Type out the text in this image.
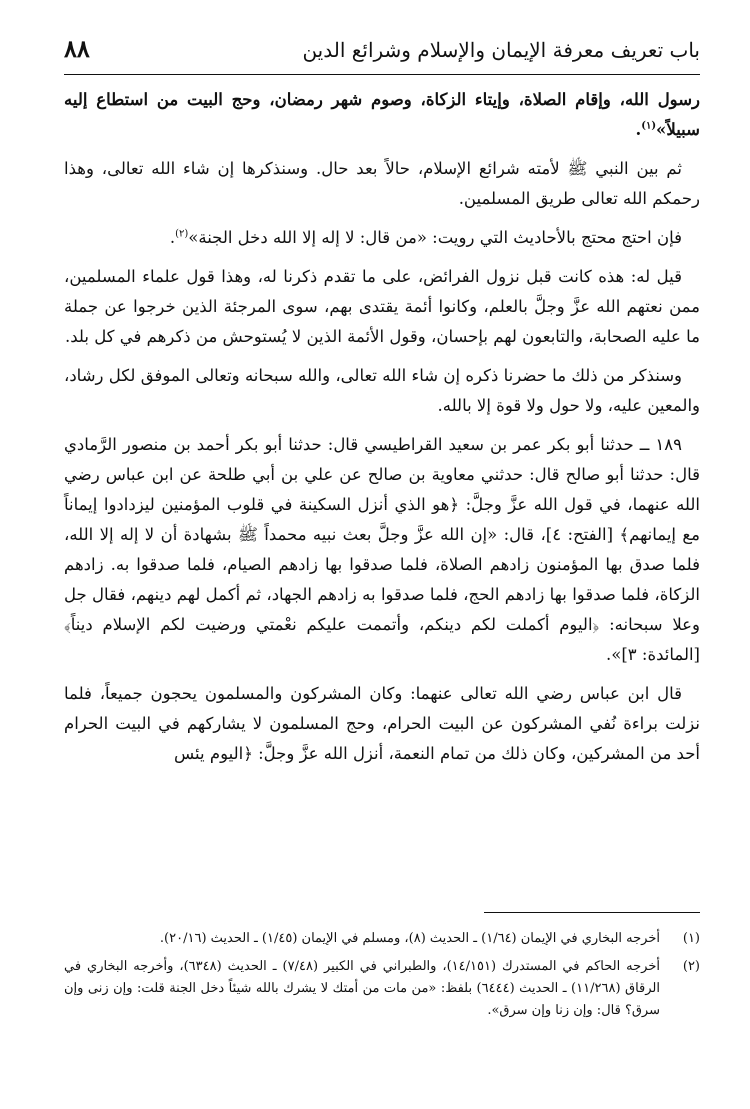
باب تعريف معرفة الإيمان والإسلام وشرائع الدين
٨٨

رسول الله، وإقام الصلاة، وإيتاء الزكاة، وصوم شهر رمضان، وحج البيت من استطاع إليه سبيلاً»$^{(١)}$.

ثم بين النبي ﷺ لأمته شرائع الإسلام، حالاً بعد حال. وسنذكرها إن شاء الله تعالى، وهذا رحمكم الله تعالى طريق المسلمين.

فإن احتج محتج بالأحاديث التي رويت: «من قال: لا إله إلا الله دخل الجنة»$^{(٢)}$.

قيل له: هذه كانت قبل نزول الفرائض، على ما تقدم ذكرنا له، وهذا قول علماء المسلمين، ممن نعتهم الله عزَّ وجلَّ بالعلم، وكانوا أئمة يقتدى بهم، سوى المرجئة الذين خرجوا عن جملة ما عليه الصحابة، والتابعون لهم بإحسان، وقول الأئمة الذين لا يُستوحش من ذكرهم في كل بلد.

وسنذكر من ذلك ما حضرنا ذكره إن شاء الله تعالى، والله سبحانه وتعالى الموفق لكل رشاد، والمعين عليه، ولا حول ولا قوة إلا بالله.

١٨٩ ــ حدثنا أبو بكر عمر بن سعيد القراطيسي قال: حدثنا أبو بكر أحمد بن منصور الرَّمادي قال: حدثنا أبو صالح قال: حدثني معاوية بن صالح عن علي بن أبي طلحة عن ابن عباس رضي الله عنهما، في قول الله عزَّ وجلَّ: ﴿هو الذي أنزل السكينة في قلوب المؤمنين ليزدادوا إيماناً مع إيمانهم﴾ [الفتح: ٤]، قال: «إن الله عزَّ وجلَّ بعث نبيه محمداً ﷺ بشهادة أن لا إله إلا الله، فلما صدق بها المؤمنون زادهم الصلاة، فلما صدقوا بها زادهم الصيام، فلما صدقوا به. زادهم الزكاة، فلما صدقوا بها زادهم الحج، فلما صدقوا به زادهم الجهاد، ثم أكمل لهم دينهم، فقال جل وعلا سبحانه: ﴿اليوم أكملت لكم دينكم، وأتممت عليكم نعْمتي ورضيت لكم الإسلام ديناً﴾ [المائدة: ٣]».

قال ابن عباس رضي الله تعالى عنهما: وكان المشركون والمسلمون يحجون جميعاً، فلما نزلت براءة نُفي المشركون عن البيت الحرام، وحج المسلمون لا يشاركهم في البيت الحرام أحد من المشركين، وكان ذلك من تمام النعمة، أنزل الله عزَّ وجلَّ: ﴿اليوم يئس

(١)
أخرجه البخاري في الإيمان (١/٦٤) ـ الحديث (٨)، ومسلم في الإيمان (١/٤٥) ـ الحديث (٢٠/١٦).
(٢)
أخرجه الحاكم في المستدرك (١٤/١٥١)، والطبراني في الكبير (٧/٤٨) ـ الحديث (٦٣٤٨)، وأخرجه البخاري في الرقاق (١١/٢٦٨) ـ الحديث (٦٤٤٤) بلفظ: «من مات من أمتك لا يشرك بالله شيئاً دخل الجنة قلت: وإن زنى وإن سرق؟ قال: وإن زنا وإن سرق».
